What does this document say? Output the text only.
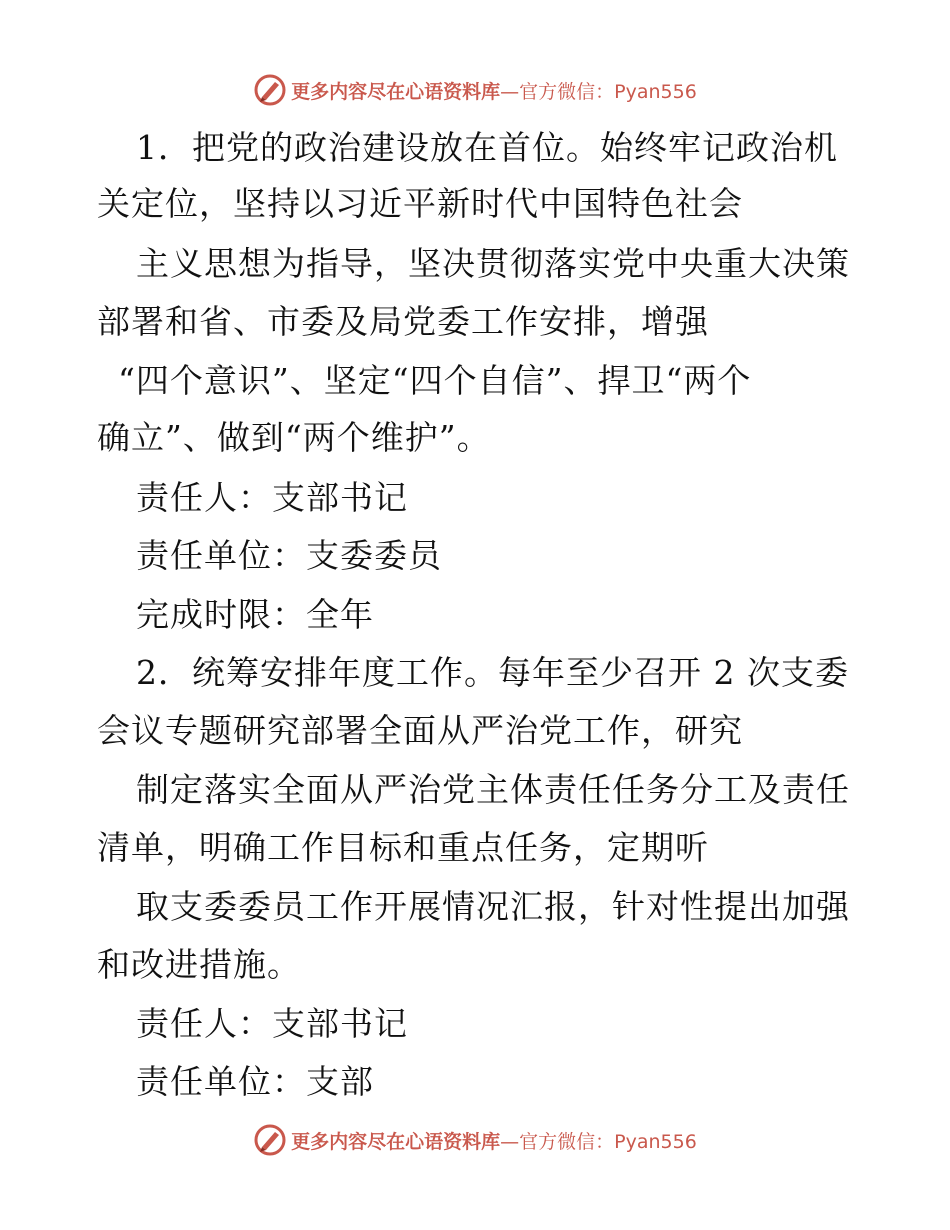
更多内容尽在心语资料库 —官方微信：Pyan556
1．把党的政治建设放在首位。始终牢记政治机
关定位，坚持以习近平新时代中国特色社会
主义思想为指导，坚决贯彻落实党中央重大决策
部署和省、市委及局党委工作安排，增强
“四个意识”、坚定“四个自信”、捍卫“两个
确立”、做到“两个维护”。
责任人：支部书记
责任单位：支委委员
完成时限：全年
2．统筹安排年度工作。每年至少召开 2 次支委
会议专题研究部署全面从严治党工作，研究
制定落实全面从严治党主体责任任务分工及责任
清单，明确工作目标和重点任务，定期听
取支委委员工作开展情况汇报，针对性提出加强
和改进措施。
责任人：支部书记
责任单位：支部
更多内容尽在心语资料库 —官方微信：Pyan556
